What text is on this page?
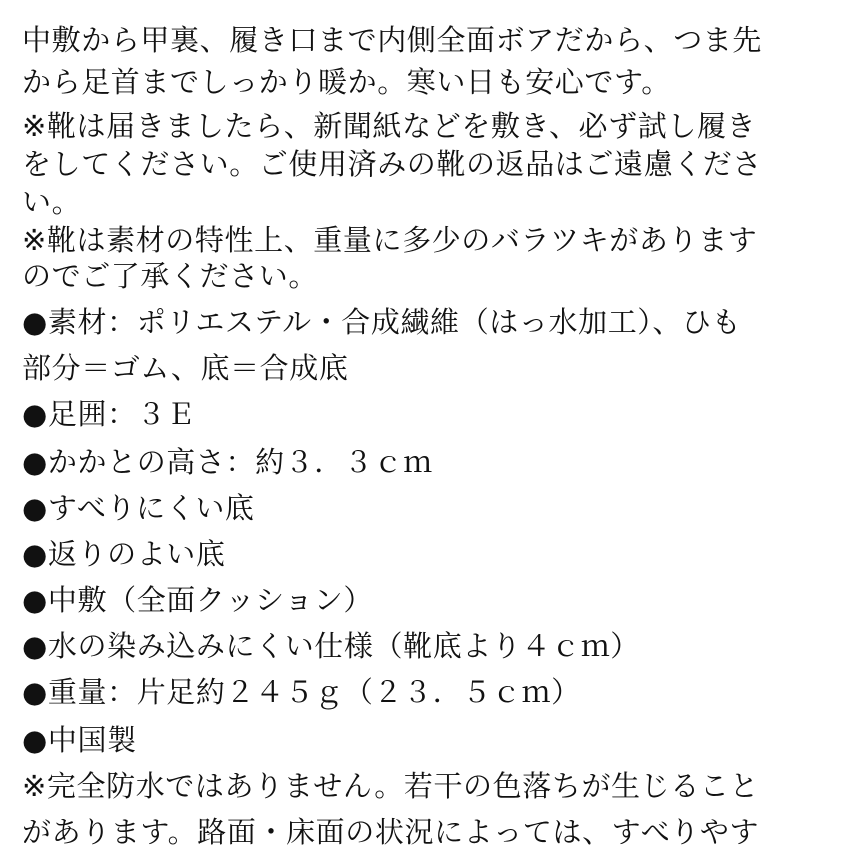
中敷から甲裏、履き口まで内側全面ボアだから、つま先
から足首までしっかり暖か。寒い日も安心です。
※靴は届きましたら、新聞紙などを敷き、必ず試し履き
をしてください。ご使用済みの靴の返品はご遠慮くださ
い。
※靴は素材の特性上、重量に多少のバラツキがあります
のでご了承ください。
●素材：ポリエステル・合成繊維（はっ水加工）、ひも
部分＝ゴム、底＝合成底
●足囲：３Ｅ
●かかとの高さ：約３．３ｃｍ
●すべりにくい底
●返りのよい底
●中敷（全面クッション）
●水の染み込みにくい仕様（靴底より４ｃｍ）
●重量：片足約２４５ｇ（２３．５ｃｍ）
●中国製
※完全防水ではありません。若干の色落ちが生じること
があります。路面・床面の状況によっては、すべりやす
